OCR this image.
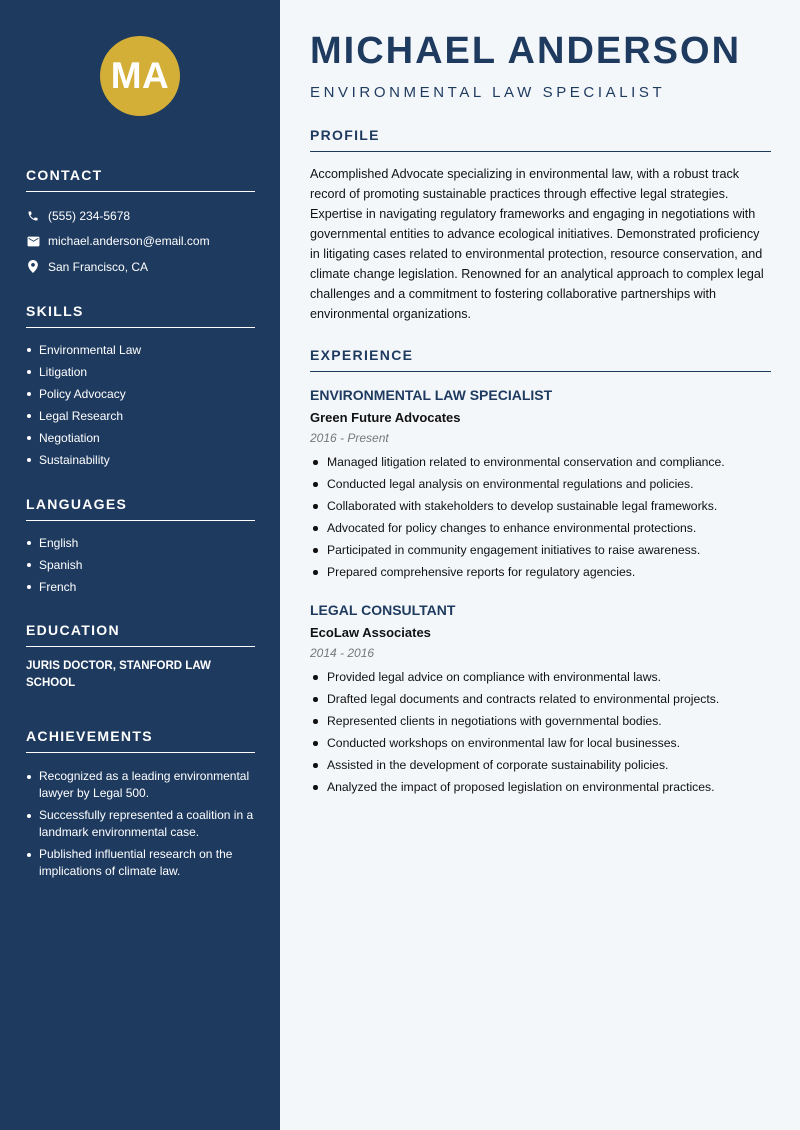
MA
CONTACT
(555) 234-5678
michael.anderson@email.com
San Francisco, CA
SKILLS
Environmental Law
Litigation
Policy Advocacy
Legal Research
Negotiation
Sustainability
LANGUAGES
English
Spanish
French
EDUCATION

JURIS DOCTOR, STANFORD LAW SCHOOL

ACHIEVEMENTS
Recognized as a leading environmental lawyer by Legal 500.
Successfully represented a coalition in a landmark environmental case.
Published influential research on the implications of climate law.
MICHAEL ANDERSON

ENVIRONMENTAL LAW SPECIALIST

PROFILE

Accomplished Advocate specializing in environmental law, with a robust track record of promoting sustainable practices through effective legal strategies. Expertise in navigating regulatory frameworks and engaging in negotiations with governmental entities to advance ecological initiatives. Demonstrated proficiency in litigating cases related to environmental protection, resource conservation, and climate change legislation. Renowned for an analytical approach to complex legal challenges and a commitment to fostering collaborative partnerships with environmental organizations.

EXPERIENCE
ENVIRONMENTAL LAW SPECIALIST

Green Future Advocates

2016 - Present

Managed litigation related to environmental conservation and compliance.
Conducted legal analysis on environmental regulations and policies.
Collaborated with stakeholders to develop sustainable legal frameworks.
Advocated for policy changes to enhance environmental protections.
Participated in community engagement initiatives to raise awareness.
Prepared comprehensive reports for regulatory agencies.
LEGAL CONSULTANT

EcoLaw Associates

2014 - 2016

Provided legal advice on compliance with environmental laws.
Drafted legal documents and contracts related to environmental projects.
Represented clients in negotiations with governmental bodies.
Conducted workshops on environmental law for local businesses.
Assisted in the development of corporate sustainability policies.
Analyzed the impact of proposed legislation on environmental practices.
